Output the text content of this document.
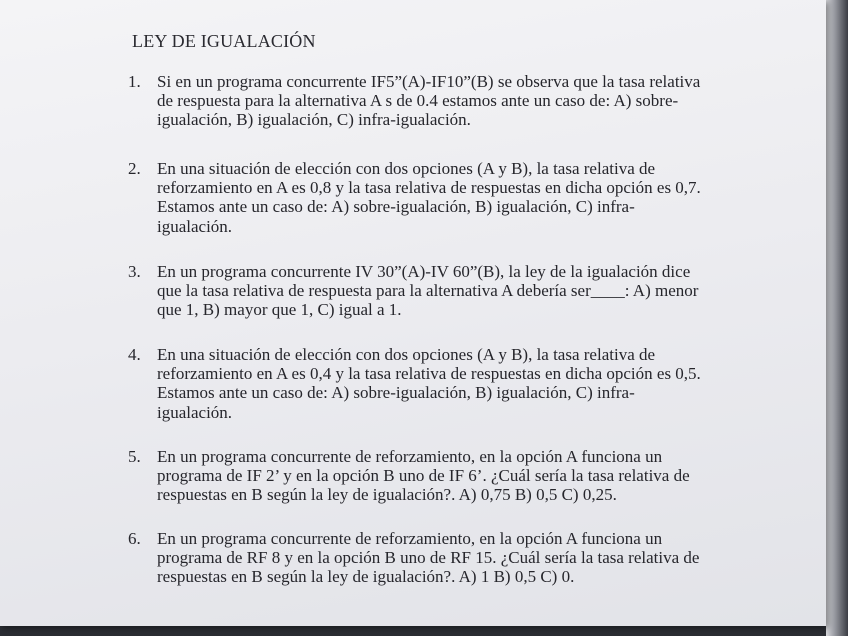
LEY DE IGUALACIÓN
1. Si en un programa concurrente IF5”(A)-IF10”(B) se observa que la tasa relativa
de respuesta para la alternativa A s de 0.4 estamos ante un caso de: A) sobre-
igualación, B) igualación, C) infra-igualación.
2. En una situación de elección con dos opciones (A y B), la tasa relativa de
reforzamiento en A es 0,8 y la tasa relativa de respuestas en dicha opción es 0,7.
Estamos ante un caso de: A) sobre-igualación, B) igualación, C) infra-
igualación.
3. En un programa concurrente IV 30”(A)-IV 60”(B), la ley de la igualación dice
que la tasa relativa de respuesta para la alternativa A debería ser____: A) menor
que 1, B) mayor que 1, C) igual a 1.
4. En una situación de elección con dos opciones (A y B), la tasa relativa de
reforzamiento en A es 0,4 y la tasa relativa de respuestas en dicha opción es 0,5.
Estamos ante un caso de: A) sobre-igualación, B) igualación, C) infra-
igualación.
5. En un programa concurrente de reforzamiento, en la opción A funciona un
programa de IF 2’ y en la opción B uno de IF 6’. ¿Cuál sería la tasa relativa de
respuestas en B según la ley de igualación?. A) 0,75 B) 0,5 C) 0,25.
6. En un programa concurrente de reforzamiento, en la opción A funciona un
programa de RF 8 y en la opción B uno de RF 15. ¿Cuál sería la tasa relativa de
respuestas en B según la ley de igualación?. A) 1 B) 0,5 C) 0.
